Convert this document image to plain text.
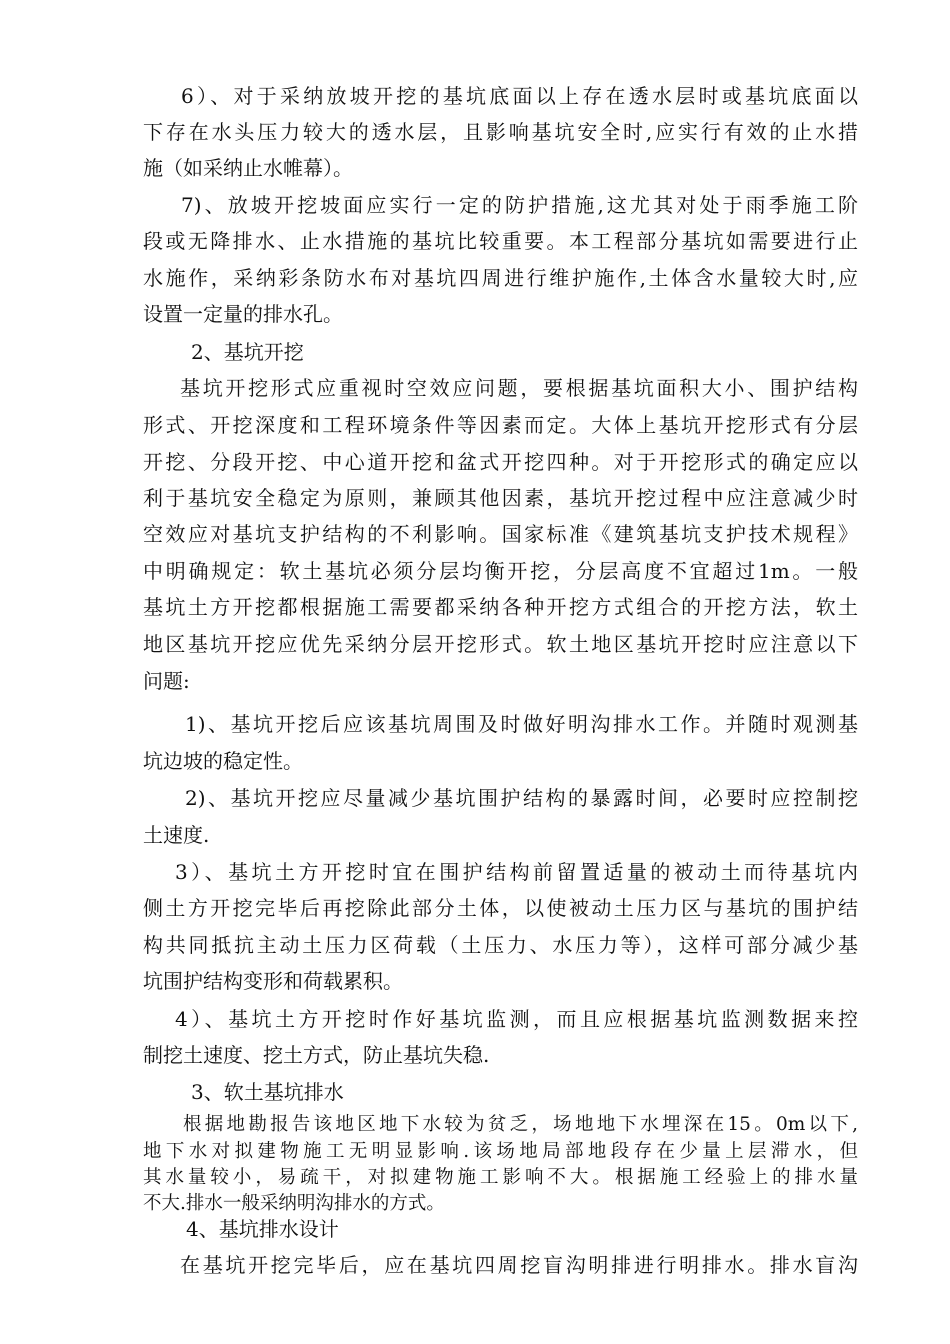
6）、对于采纳放坡开挖的基坑底面以上存在透水层时或基坑底面以
下存在水头压力较大的透水层，且影响基坑安全时,应实行有效的止水措
施（如采纳止水帷幕）。
7)、放坡开挖坡面应实行一定的防护措施,这尤其对处于雨季施工阶
段或无降排水、止水措施的基坑比较重要。本工程部分基坑如需要进行止
水施作，采纳彩条防水布对基坑四周进行维护施作,土体含水量较大时,应
设置一定量的排水孔。
2、基坑开挖
基坑开挖形式应重视时空效应问题，要根据基坑面积大小、围护结构
形式、开挖深度和工程环境条件等因素而定。大体上基坑开挖形式有分层
开挖、分段开挖、中心道开挖和盆式开挖四种。对于开挖形式的确定应以
利于基坑安全稳定为原则，兼顾其他因素，基坑开挖过程中应注意减少时
空效应对基坑支护结构的不利影响。国家标准《建筑基坑支护技术规程》
中明确规定：软土基坑必须分层均衡开挖，分层高度不宜超过1m。一般
基坑土方开挖都根据施工需要都采纳各种开挖方式组合的开挖方法，软土
地区基坑开挖应优先采纳分层开挖形式。软土地区基坑开挖时应注意以下
问题:
1)、基坑开挖后应该基坑周围及时做好明沟排水工作。并随时观测基
坑边坡的稳定性。
2)、基坑开挖应尽量减少基坑围护结构的暴露时间，必要时应控制挖
土速度.
3）、基坑土方开挖时宜在围护结构前留置适量的被动土而待基坑内
侧土方开挖完毕后再挖除此部分土体，以使被动土压力区与基坑的围护结
构共同抵抗主动土压力区荷载（土压力、水压力等），这样可部分减少基
坑围护结构变形和荷载累积。
4）、基坑土方开挖时作好基坑监测，而且应根据基坑监测数据来控
制挖土速度、挖土方式，防止基坑失稳.
3、软土基坑排水
根据地勘报告该地区地下水较为贫乏，场地地下水埋深在15。0m以下,
地下水对拟建物施工无明显影响.该场地局部地段存在少量上层滞水，但
其水量较小，易疏干，对拟建物施工影响不大。根据施工经验上的排水量
不大.排水一般采纳明沟排水的方式。
4、基坑排水设计
在基坑开挖完毕后，应在基坑四周挖盲沟明排进行明排水。排水盲沟
